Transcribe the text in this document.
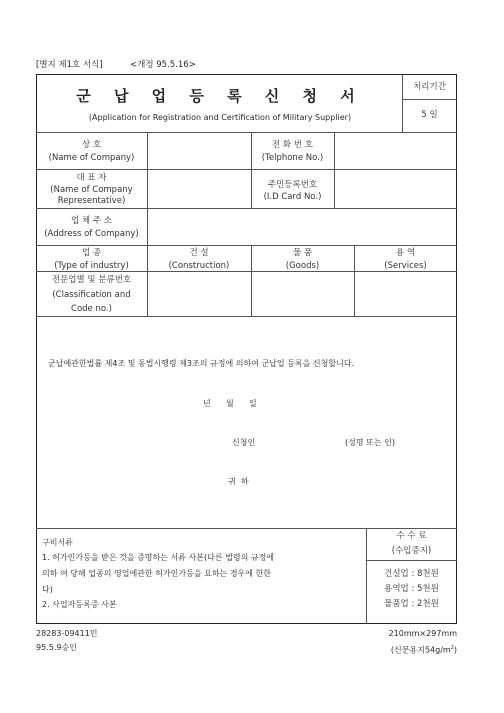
[별지 제1호 서식]	<개정 95.5.16>
군 납 업 등 록 신 청 서
(Application for Registration and Certification of Military Supplier)
처리기간
5 일
상 호
(Name of Company)
전 화 번 호
(Telphone No.)
대 표 자
(Name of Company
Representative)
주민등록번호
(I.D Card No.)
업 체 주 소
(Address of Company)
업 종
(Type of industry)
건 설
(Construction)
물 품
(Goods)
용 역
(Services)
전문업별 및 분류번호
(Classification and
Code no.)
군납에관한법률 제4조 및 동법시행령 제3조의 규정에 의하여 군납업 등록을 신청합니다.
년      월      일
신청인	(성명 또는 인)
귀  하
구비서류
1. 허가인가등을 받은 것을 증명하는 서류 사본(다른 법령의 규정에
의하 여 당해 업종의 영업에관한 허가인가등을 요하는 경우에 한한
다)
2. 사업자등록증 사본
수 수 료
(수입증지)
건설업 : 8천원
용역업 : 5천원
물품업 : 2천원
28283-09411민
95.5.9승인
210mm×297mm
(신문용지$54g/m^2$)
